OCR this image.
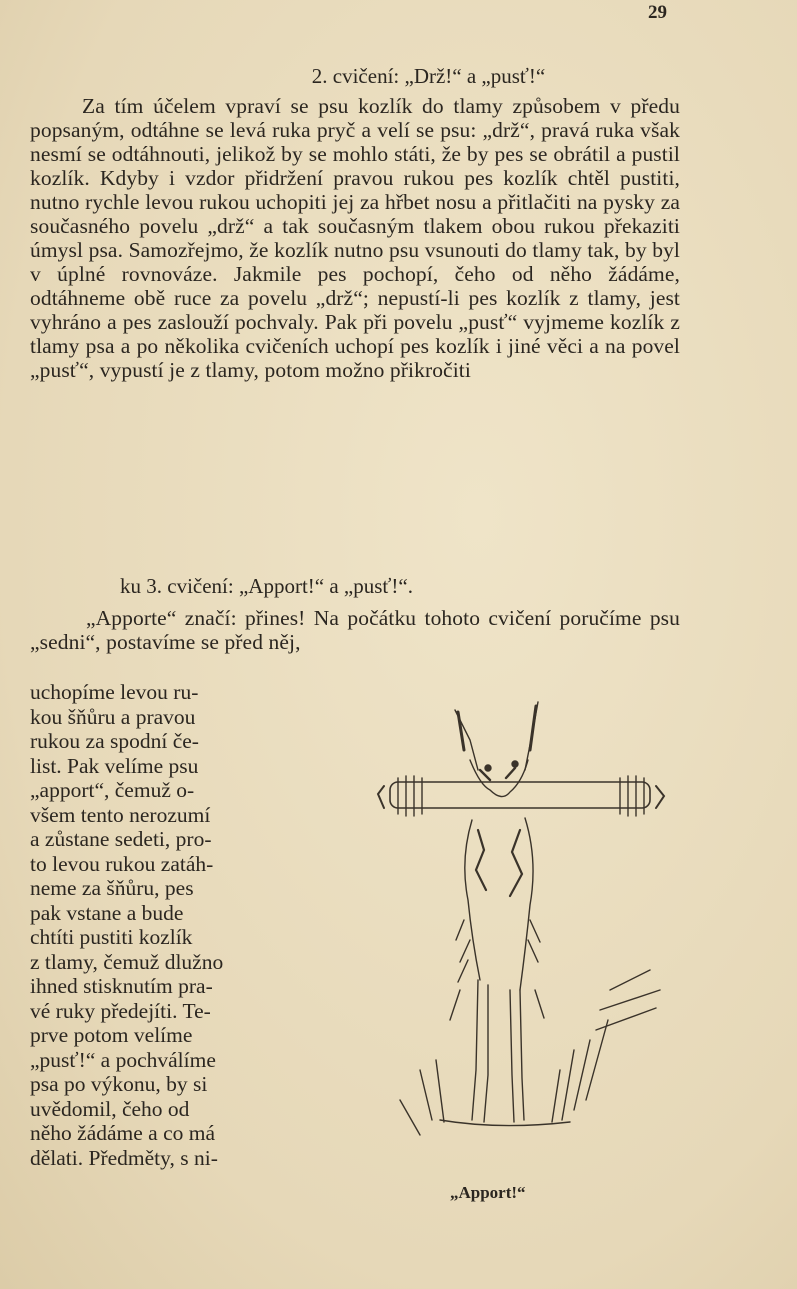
29
2. cvičení: „Drž!“ a „pusť!“
Za tím účelem vpraví se psu kozlík do tlamy způsobem v předu popsaným, odtáhne se levá ruka pryč a velí se psu: „drž“, pravá ruka však nesmí se odtáhnouti, jelikož by se mohlo státi, že by pes se obrátil a pustil kozlík. Kdyby i vzdor přidržení pravou rukou pes kozlík chtěl pustiti, nutno rychle levou rukou uchopiti jej za hřbet nosu a přitlačiti na pysky za současného povelu „drž“ a tak současným tlakem obou rukou překaziti úmysl psa. Samozřejmo, že kozlík nutno psu vsunouti do tlamy tak, by byl v úplné rovnováze. Jakmile pes pochopí, čeho od něho žádáme, odtáhneme obě ruce za povelu „drž“; nepustí-li pes kozlík z tlamy, jest vyhráno a pes zaslouží pochvaly. Pak při povelu „pusť“ vyjmeme kozlík z tlamy psa a po několika cvičeních uchopí pes kozlík i jiné věci a na povel „pusť“, vypustí je z tlamy, potom možno přikročiti
ku 3. cvičení: „Apport!“ a „pusť!“.
„Apporte“ značí: přines! Na počátku tohoto cvičení poručíme psu „sedni“, postavíme se před něj,
uchopíme levou ru-
kou šňůru a pravou
rukou za spodní če-
list. Pak velíme psu
„apport“, čemuž o-
všem tento nerozumí
a zůstane sedeti, pro-
to levou rukou zatáh-
neme za šňůru, pes
pak vstane a bude
chtíti pustiti kozlík
z tlamy, čemuž dlužno
ihned stisknutím pra-
vé ruky předejíti. Te-
prve potom velíme
„pusť!“ a pochválíme
psa po výkonu, by si
uvědomil, čeho od
něho žádáme a co má
dělati. Předměty, s ni-
„Apport!“
